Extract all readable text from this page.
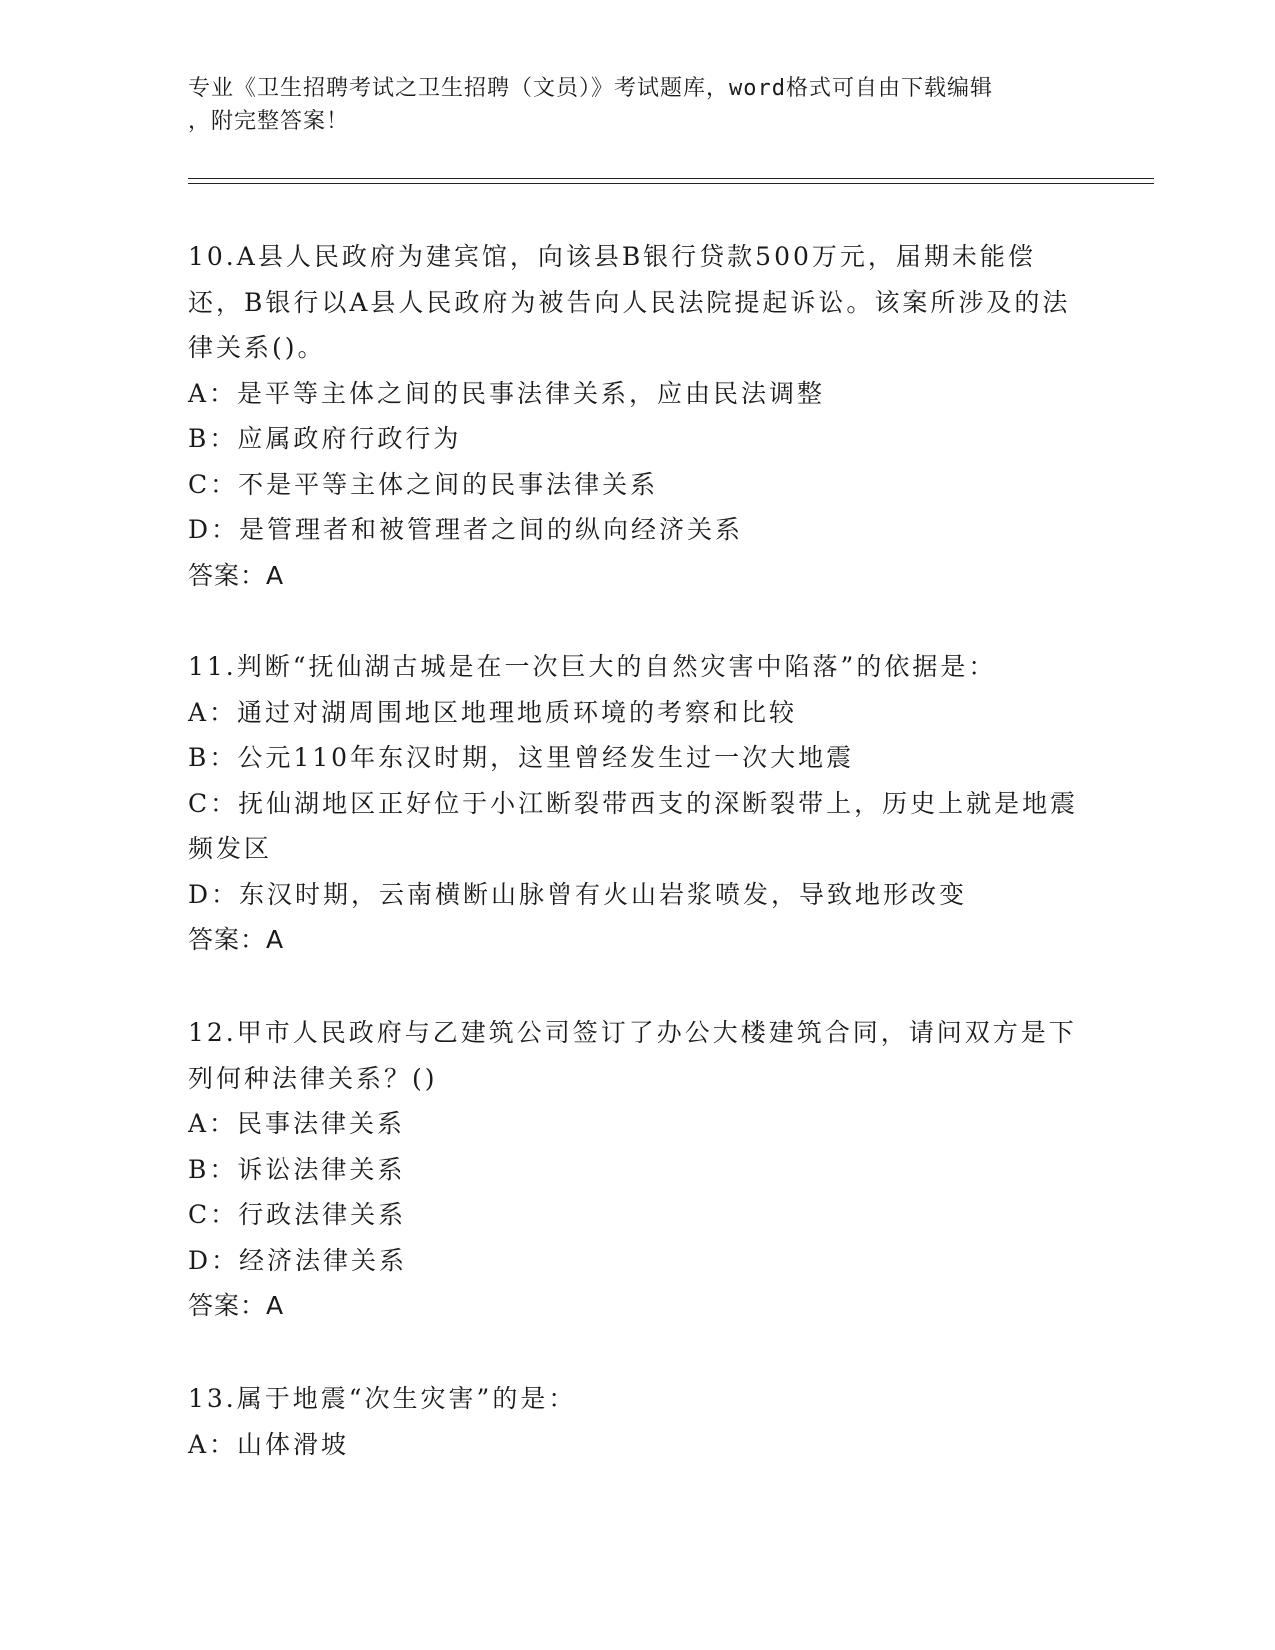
专业《卫生招聘考试之卫生招聘（文员）》考试题库，word格式可自由下载编辑
，附完整答案！
10.A县人民政府为建宾馆，向该县B银行贷款500万元，届期未能偿还，B银行以A县人民政府为被告向人民法院提起诉讼。该案所涉及的法律关系()。
A：是平等主体之间的民事法律关系，应由民法调整
B：应属政府行政行为
C：不是平等主体之间的民事法律关系
D：是管理者和被管理者之间的纵向经济关系
答案：A
11.判断“抚仙湖古城是在一次巨大的自然灾害中陷落”的依据是：
A：通过对湖周围地区地理地质环境的考察和比较
B：公元110年东汉时期，这里曾经发生过一次大地震
C：抚仙湖地区正好位于小江断裂带西支的深断裂带上，历史上就是地震频发区
D：东汉时期，云南横断山脉曾有火山岩浆喷发，导致地形改变
答案：A
12.甲市人民政府与乙建筑公司签订了办公大楼建筑合同，请问双方是下列何种法律关系？()
A：民事法律关系
B：诉讼法律关系
C：行政法律关系
D：经济法律关系
答案：A
13.属于地震“次生灾害”的是：
A：山体滑坡
